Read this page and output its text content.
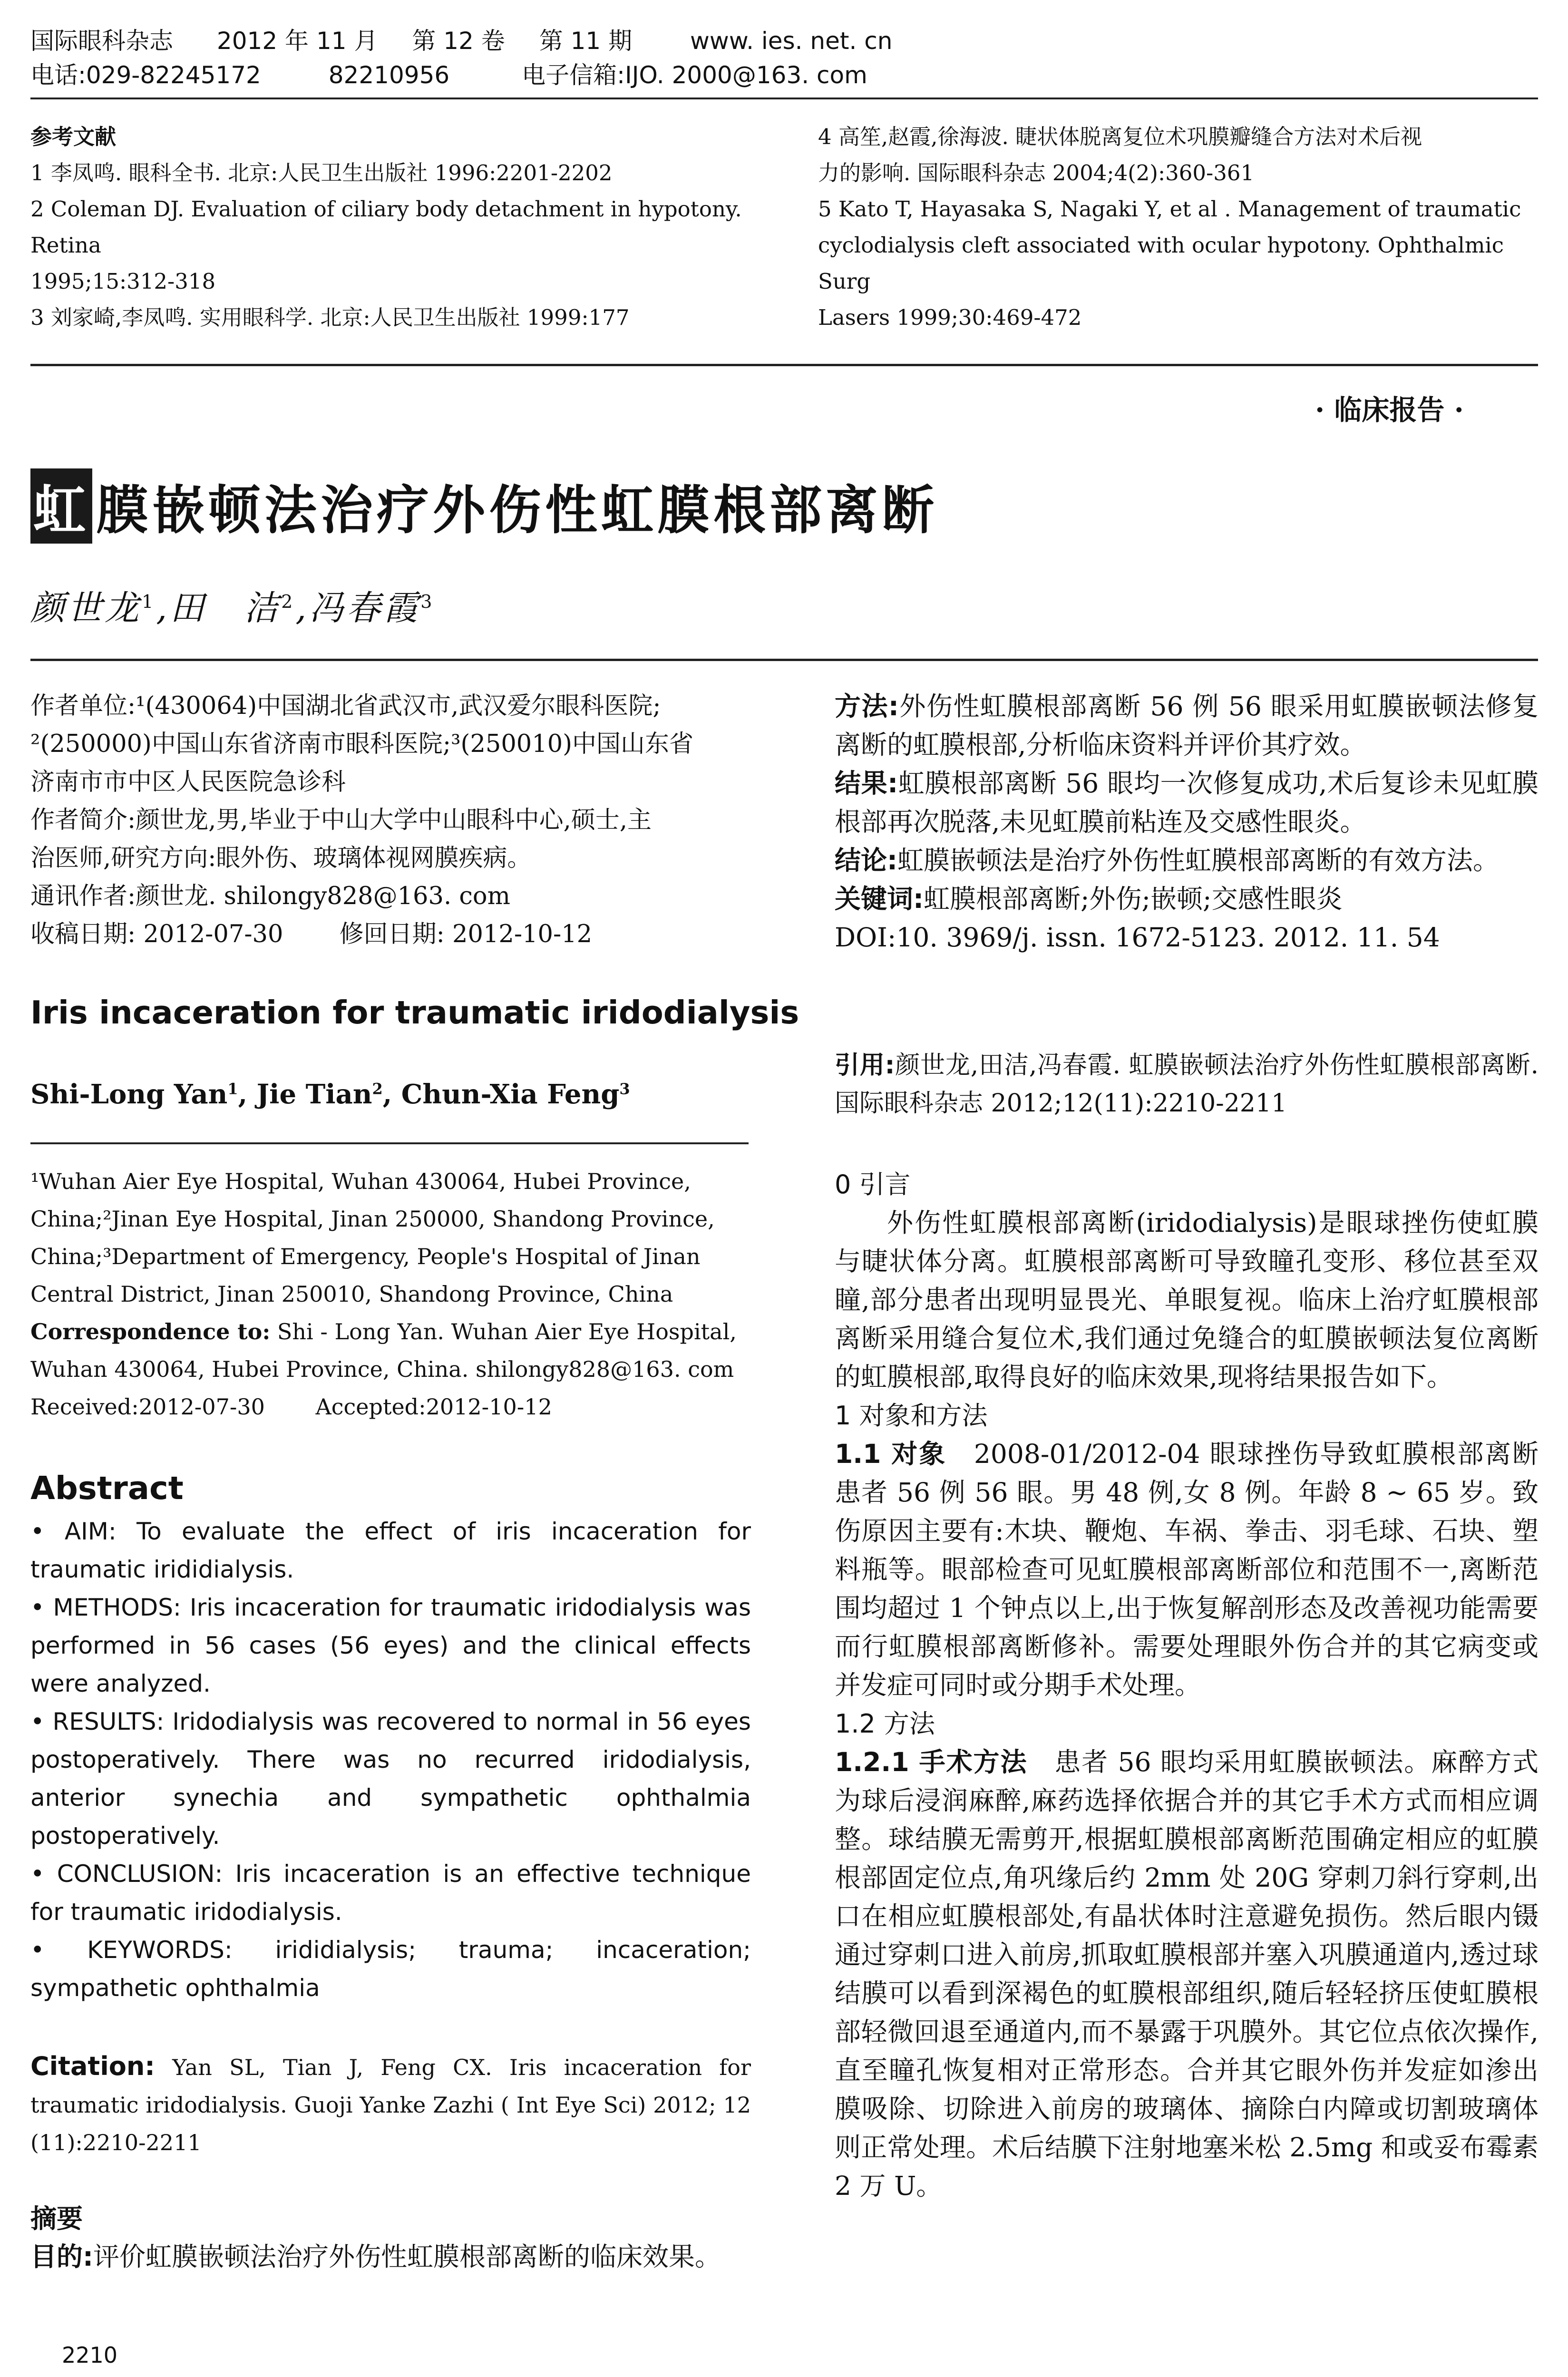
国际眼科杂志 2012 年 11 月 第 12 卷 第 11 期 www. ies. net. cn
电话:029-82245172	82210956	电子信箱:IJO. 2000@163. com
参考文献
1 李凤鸣. 眼科全书. 北京:人民卫生出版社 1996:2201-2202
2 Coleman DJ. Evaluation of ciliary body detachment in hypotony. Retina
1995;15:312-318
3 刘家崎,李凤鸣. 实用眼科学. 北京:人民卫生出版社 1999:177
4 高笙,赵霞,徐海波. 睫状体脱离复位术巩膜瓣缝合方法对术后视
力的影响. 国际眼科杂志 2004;4(2):360-361
5 Kato T, Hayasaka S, Nagaki Y, et al . Management of traumatic
cyclodialysis cleft associated with ocular hypotony. Ophthalmic Surg
Lasers 1999;30:469-472
· 临床报告 ·
虹 膜嵌顿法治疗外伤性虹膜根部离断
颜世龙$^1$,田　洁$^2$,冯春霞$^3$
作者单位:¹(430064)中国湖北省武汉市,武汉爱尔眼科医院;
²(250000)中国山东省济南市眼科医院;³(250010)中国山东省
济南市市中区人民医院急诊科
作者简介:颜世龙,男,毕业于中山大学中山眼科中心,硕士,主
治医师,研究方向:眼外伤、玻璃体视网膜疾病。
通讯作者:颜世龙. shilongy828@163. com
收稿日期: 2012-07-30　　 修回日期: 2012-10-12
Iris incaceration for traumatic iridodialysis
Shi-Long Yan$^1$, Jie Tian$^2$, Chun-Xia Feng$^3$
¹Wuhan Aier Eye Hospital, Wuhan 430064, Hubei Province,
China;²Jinan Eye Hospital, Jinan 250000, Shandong Province,
China;³Department of Emergency, People's Hospital of Jinan
Central District, Jinan 250010, Shandong Province, China
Correspondence to: Shi - Long Yan. Wuhan Aier Eye Hospital,
Wuhan 430064, Hubei Province, China. shilongy828@163. com
Received:2012-07-30　　 Accepted:2012-10-12
Abstract

• AIM: To evaluate the effect of iris incaceration for traumatic irididialysis.

• METHODS: Iris incaceration for traumatic iridodialysis was performed in 56 cases (56 eyes) and the clinical effects were analyzed.

• RESULTS: Iridodialysis was recovered to normal in 56 eyes postoperatively. There was no recurred iridodialysis, anterior synechia and sympathetic ophthalmia postoperatively.

• CONCLUSION: Iris incaceration is an effective technique for traumatic iridodialysis.

• KEYWORDS: irididialysis; trauma; incaceration; sympathetic ophthalmia

Citation: Yan SL, Tian J, Feng CX. Iris incaceration for traumatic iridodialysis. Guoji Yanke Zazhi ( Int Eye Sci) 2012; 12 (11):2210-2211
摘要

目的:评价虹膜嵌顿法治疗外伤性虹膜根部离断的临床效果。

2210

方法:外伤性虹膜根部离断 56 例 56 眼采用虹膜嵌顿法修复离断的虹膜根部,分析临床资料并评价其疗效。

结果:虹膜根部离断 56 眼均一次修复成功,术后复诊未见虹膜根部再次脱落,未见虹膜前粘连及交感性眼炎。

结论:虹膜嵌顿法是治疗外伤性虹膜根部离断的有效方法。

关键词:虹膜根部离断;外伤;嵌顿;交感性眼炎

DOI:10. 3969/j. issn. 1672-5123. 2012. 11. 54

引用:颜世龙,田洁,冯春霞. 虹膜嵌顿法治疗外伤性虹膜根部离断. 国际眼科杂志 2012;12(11):2210-2211

0 引言

外伤性虹膜根部离断(iridodialysis)是眼球挫伤使虹膜与睫状体分离。虹膜根部离断可导致瞳孔变形、移位甚至双瞳,部分患者出现明显畏光、单眼复视。临床上治疗虹膜根部离断采用缝合复位术,我们通过免缝合的虹膜嵌顿法复位离断的虹膜根部,取得良好的临床效果,现将结果报告如下。

1 对象和方法

1.1 对象　2008-01/2012-04 眼球挫伤导致虹膜根部离断患者 56 例 56 眼。男 48 例,女 8 例。年龄 8 ~ 65 岁。致伤原因主要有:木块、鞭炮、车祸、拳击、羽毛球、石块、塑料瓶等。眼部检查可见虹膜根部离断部位和范围不一,离断范围均超过 1 个钟点以上,出于恢复解剖形态及改善视功能需要而行虹膜根部离断修补。需要处理眼外伤合并的其它病变或并发症可同时或分期手术处理。

1.2 方法

1.2.1 手术方法　患者 56 眼均采用虹膜嵌顿法。麻醉方式为球后浸润麻醉,麻药选择依据合并的其它手术方式而相应调整。球结膜无需剪开,根据虹膜根部离断范围确定相应的虹膜根部固定位点,角巩缘后约 2mm 处 20G 穿刺刀斜行穿刺,出口在相应虹膜根部处,有晶状体时注意避免损伤。然后眼内镊通过穿刺口进入前房,抓取虹膜根部并塞入巩膜通道内,透过球结膜可以看到深褐色的虹膜根部组织,随后轻轻挤压使虹膜根部轻微回退至通道内,而不暴露于巩膜外。其它位点依次操作,直至瞳孔恢复相对正常形态。合并其它眼外伤并发症如渗出膜吸除、切除进入前房的玻璃体、摘除白内障或切割玻璃体则正常处理。术后结膜下注射地塞米松 2.5mg 和或妥布霉素 2 万 U。
